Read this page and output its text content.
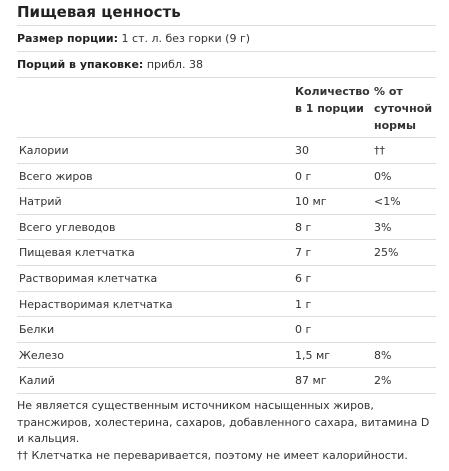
Пищевая ценность
Размер порции: 1 ст. л. без горки (9 г)
Порций в упаковке: прибл. 38
Количество
в 1 порции
% от
суточной
нормы
Калории	30	††
Всего жиров	0 г	0%
Натрий	10 мг	<1%
Всего углеводов	8 г	3%
Пищевая клетчатка	7 г	25%
Растворимая клетчатка	6 г
Нерастворимая клетчатка	1 г
Белки	0 г
Железо	1,5 мг	8%
Калий	87 мг	2%
Не является существенным источником насыщенных жиров, трансжиров, холестерина, сахаров, добавленного сахара, витамина D и кальция.
†† Клетчатка не переваривается, поэтому не имеет калорийности.
